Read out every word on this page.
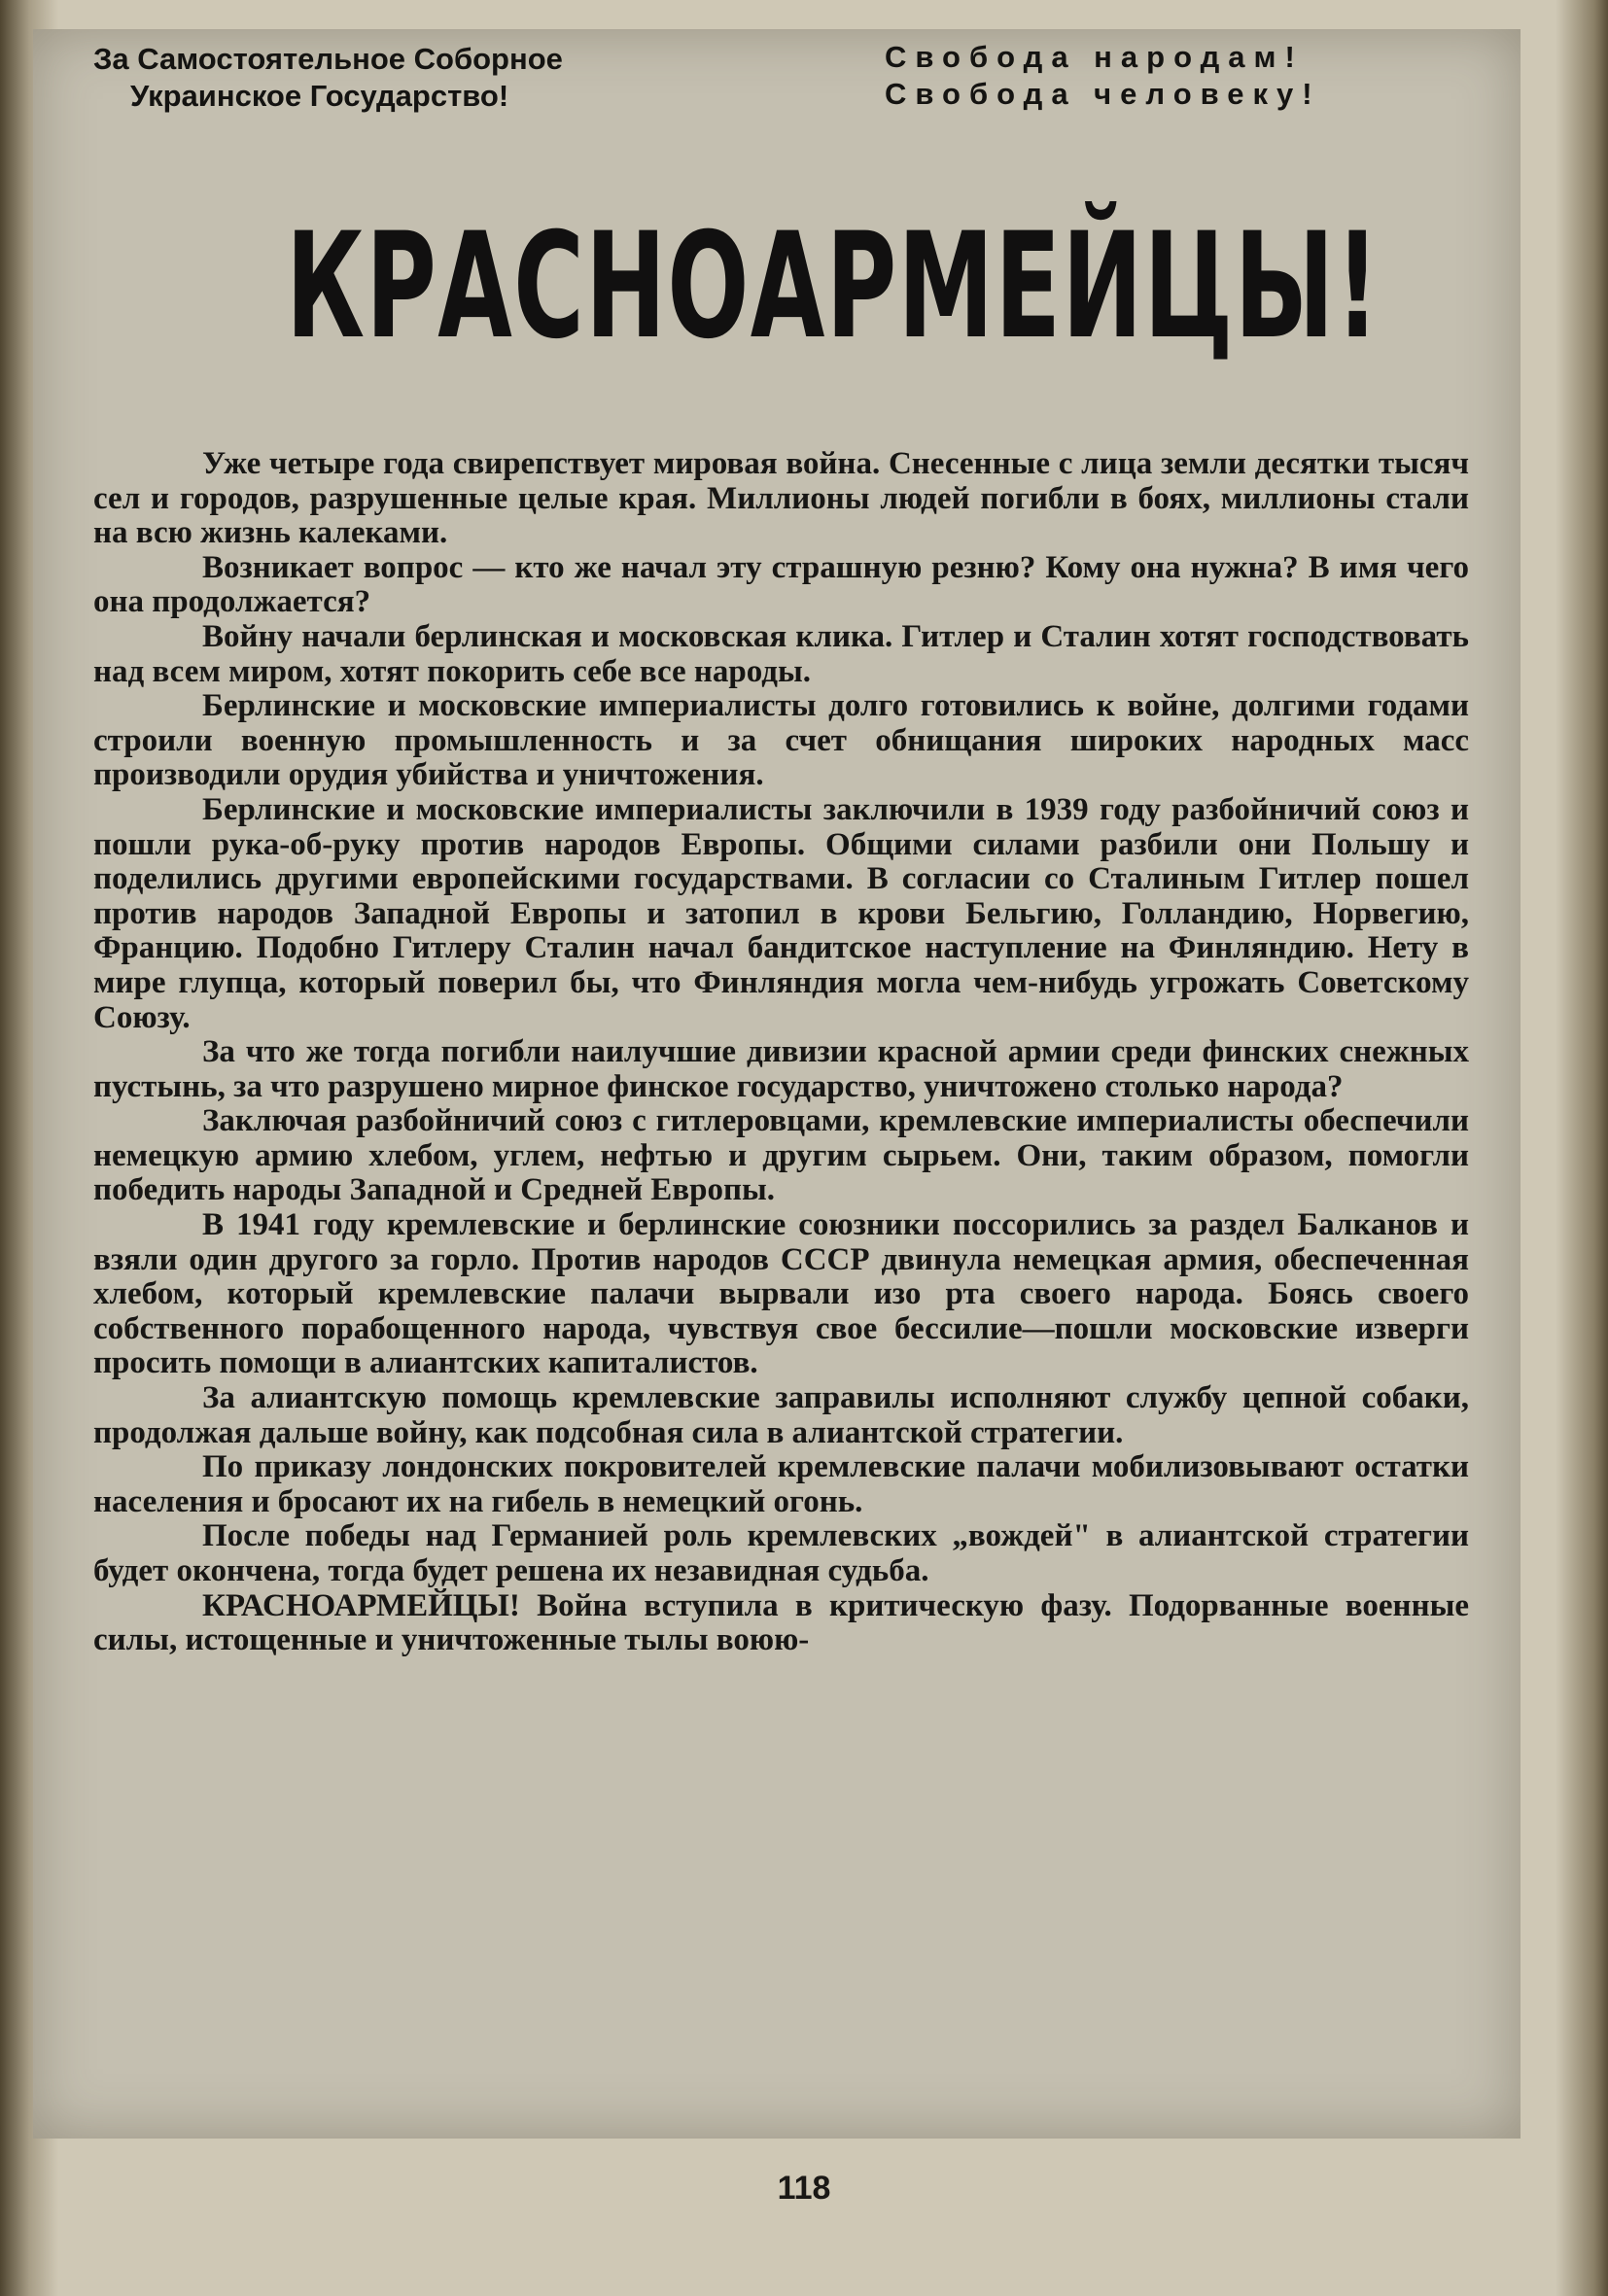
За Самостоятельное Соборное
Украинское Государство!
Свобода народам!
Свобода человеку!
КРАСНОАРМЕЙЦЫ!

Уже четыре года свирепствует мировая война. Снесенные с лица земли десятки тысяч сел и городов, разрушенные целые края. Миллионы людей погибли в боях, миллионы стали на всю жизнь калеками.

Возникает вопрос — кто же начал эту страшную резню? Кому она нужна? В имя чего она продолжается?

Войну начали берлинская и московская клика. Гитлер и Сталин хотят господствовать над всем миром, хотят покорить себе все народы.

Берлинские и московские империалисты долго готовились к войне, долгими годами строили военную промышленность и за счет обнищания широких народных масс производили орудия убийства и уничтожения.

Берлинские и московские империалисты заключили в 1939 году разбойничий союз и пошли рука-об-руку против народов Европы. Общими силами разбили они Польшу и поделились другими европейскими государствами. В согласии со Сталиным Гитлер пошел против народов Западной Европы и затопил в крови Бельгию, Голландию, Норвегию, Францию. Подобно Гитлеру Сталин начал бандитское наступление на Финляндию. Нету в мире глупца, который поверил бы, что Финляндия могла чем-нибудь угрожать Советскому Союзу.

За что же тогда погибли наилучшие дивизии красной армии среди финских снежных пустынь, за что разрушено мирное финское государство, уничтожено столько народа?

Заключая разбойничий союз с гитлеровцами, кремлевские империалисты обеспечили немецкую армию хлебом, углем, нефтью и другим сырьем. Они, таким образом, помогли победить народы Западной и Средней Европы.

В 1941 году кремлевские и берлинские союзники поссорились за раздел Балканов и взяли один другого за горло. Против народов СССР двинула немецкая армия, обеспеченная хлебом, который кремлевские палачи вырвали изо рта своего народа. Боясь своего собственного порабощенного народа, чувствуя свое бессилие—пошли московские изверги просить помощи в алиантских капиталистов.

За алиантскую помощь кремлевские заправилы исполняют службу цепной собаки, продолжая дальше войну, как подсобная сила в алиантской стратегии.

По приказу лондонских покровителей кремлевские палачи мобилизовывают остатки населения и бросают их на гибель в немецкий огонь.

После победы над Германией роль кремлевских „вождей" в алиантской стратегии будет окончена, тогда будет решена их незавидная судьба.

КРАСНОАРМЕЙЦЫ! Война вступила в критическую фазу. Подорванные военные силы, истощенные и уничтоженные тылы воюю-

118
